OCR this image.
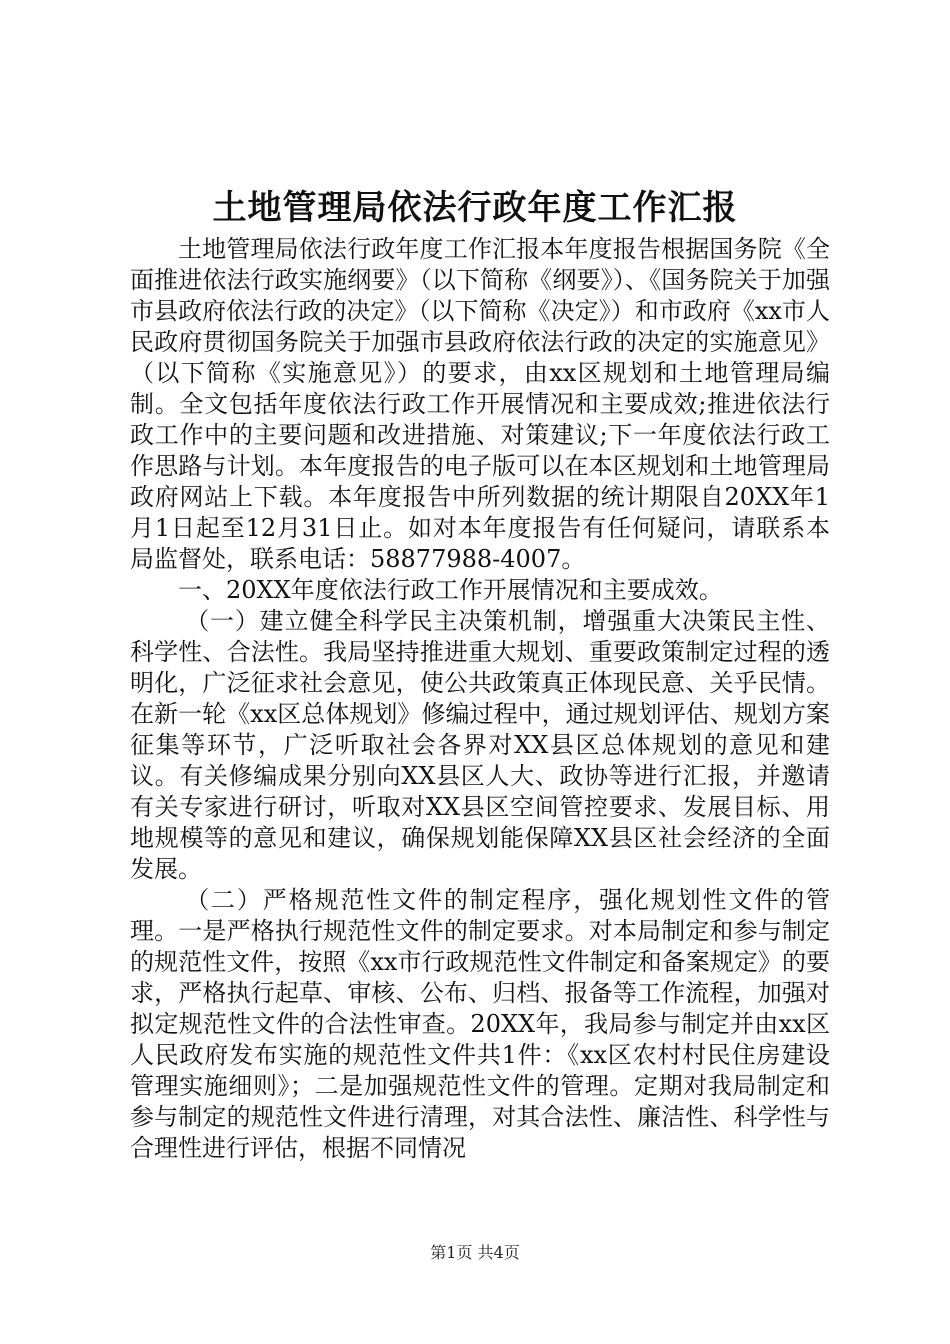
土地管理局依法行政年度工作汇报

土地管理局依法行政年度工作汇报本年度报告根据国务院《全面推进依法行政实施纲要》（以下简称《纲要》）、《国务院关于加强市县政府依法行政的决定》（以下简称《决定》）和市政府《xx市人民政府贯彻国务院关于加强市县政府依法行政的决定的实施意见》（以下简称《实施意见》）的要求，由xx区规划和土地管理局编制。全文包括年度依法行政工作开展情况和主要成效;推进依法行政工作中的主要问题和改进措施、对策建议;下一年度依法行政工作思路与计划。本年度报告的电子版可以在本区规划和土地管理局政府网站上下载。本年度报告中所列数据的统计期限自20XX年1月1日起至12月31日止。如对本年度报告有任何疑问，请联系本局监督处，联系电话：58877988-4007。

一、20XX年度依法行政工作开展情况和主要成效。

（一）建立健全科学民主决策机制，增强重大决策民主性、科学性、合法性。我局坚持推进重大规划、重要政策制定过程的透明化，广泛征求社会意见，使公共政策真正体现民意、关乎民情。在新一轮《xx区总体规划》修编过程中，通过规划评估、规划方案征集等环节，广泛听取社会各界对XX县区总体规划的意见和建议。有关修编成果分别向XX县区人大、政协等进行汇报，并邀请有关专家进行研讨，听取对XX县区空间管控要求、发展目标、用地规模等的意见和建议，确保规划能保障XX县区社会经济的全面发展。

（二）严格规范性文件的制定程序，强化规划性文件的管理。一是严格执行规范性文件的制定要求。对本局制定和参与制定的规范性文件，按照《xx市行政规范性文件制定和备案规定》的要求，严格执行起草、审核、公布、归档、报备等工作流程，加强对拟定规范性文件的合法性审查。20XX年，我局参与制定并由xx区人民政府发布实施的规范性文件共1件：《xx区农村村民住房建设管理实施细则》；二是加强规范性文件的管理。定期对我局制定和参与制定的规范性文件进行清理，对其合法性、廉洁性、科学性与合理性进行评估，根据不同情况

第1页 共4页
